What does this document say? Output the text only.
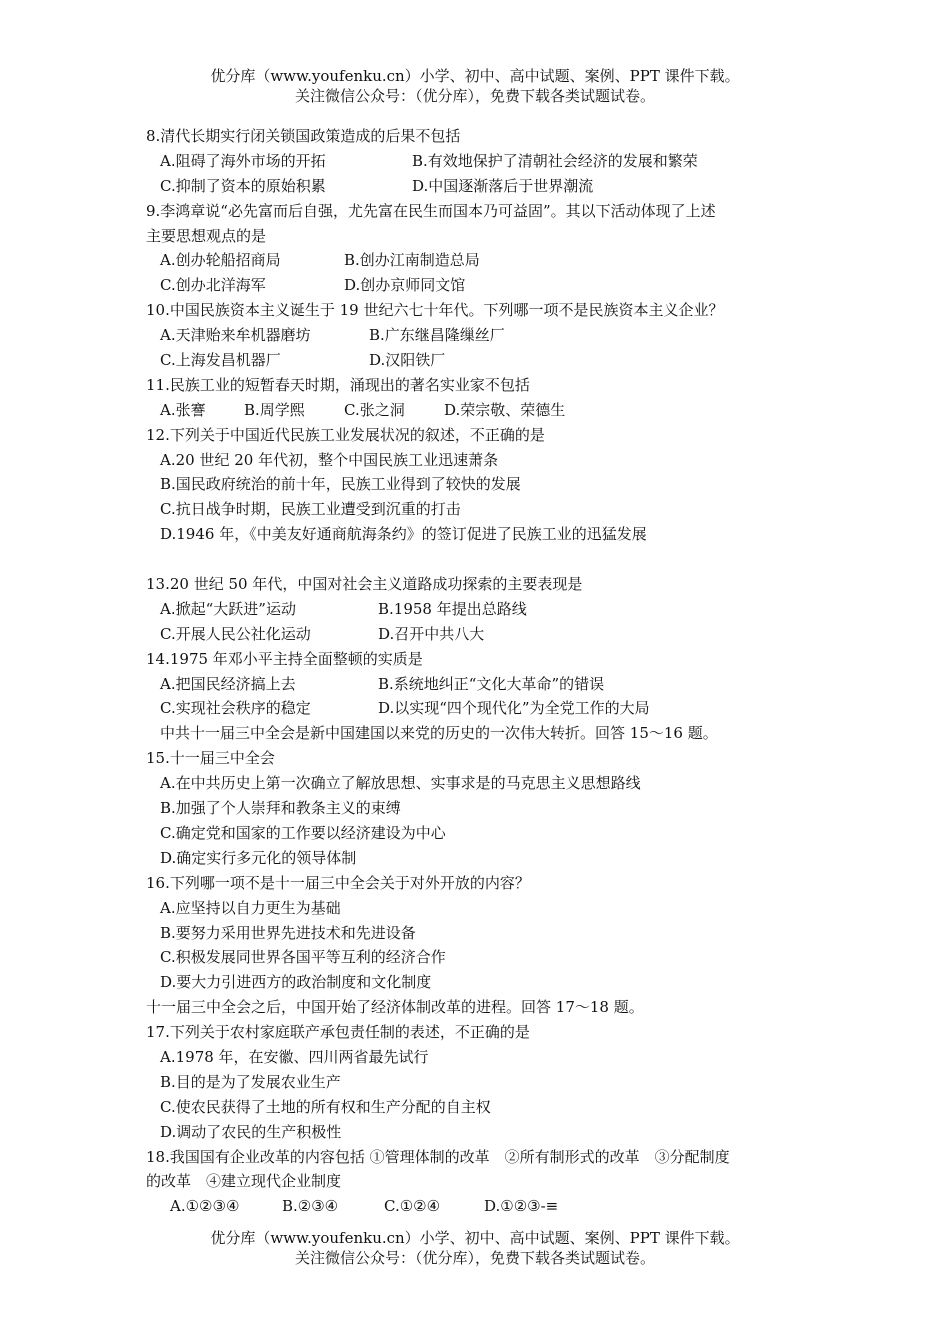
优分库（www.youfenku.cn）小学、初中、高中试题、案例、PPT 课件下载。
关注微信公众号：（优分库），免费下载各类试题试卷。
8.清代长期实行闭关锁国政策造成的后果不包括
A.阻碍了海外市场的开拓	B.有效地保护了清朝社会经济的发展和繁荣
C.抑制了资本的原始积累	D.中国逐渐落后于世界潮流
9.李鸿章说“必先富而后自强，尤先富在民生而国本乃可益固”。其以下活动体现了上述
主要思想观点的是
A.创办轮船招商局	B.创办江南制造总局
C.创办北洋海军	D.创办京师同文馆
10.中国民族资本主义诞生于 19 世纪六七十年代。下列哪一项不是民族资本主义企业？
A.天津贻来牟机器磨坊	B.广东继昌隆缫丝厂
C.上海发昌机器厂	D.汉阳铁厂
11.民族工业的短暂春天时期，涌现出的著名实业家不包括
A.张謇	B.周学熙	C.张之洞	D.荣宗敬、荣德生
12.下列关于中国近代民族工业发展状况的叙述，不正确的是
A.20 世纪 20 年代初，整个中国民族工业迅速萧条
B.国民政府统治的前十年，民族工业得到了较快的发展
C.抗日战争时期，民族工业遭受到沉重的打击
D.1946 年，《中美友好通商航海条约》的签订促进了民族工业的迅猛发展
13.20 世纪 50 年代，中国对社会主义道路成功探索的主要表现是
A.掀起“大跃进”运动	B.1958 年提出总路线
C.开展人民公社化运动	D.召开中共八大
14.1975 年邓小平主持全面整顿的实质是
A.把国民经济搞上去	B.系统地纠正“文化大革命”的错误
C.实现社会秩序的稳定	D.以实现“四个现代化”为全党工作的大局
中共十一届三中全会是新中国建国以来党的历史的一次伟大转折。回答 15～16 题。
15.十一届三中全会
A.在中共历史上第一次确立了解放思想、实事求是的马克思主义思想路线
B.加强了个人崇拜和教条主义的束缚
C.确定党和国家的工作要以经济建设为中心
D.确定实行多元化的领导体制
16.下列哪一项不是十一届三中全会关于对外开放的内容？
A.应坚持以自力更生为基础
B.要努力采用世界先进技术和先进设备
C.积极发展同世界各国平等互利的经济合作
D.要大力引进西方的政治制度和文化制度
十一届三中全会之后，中国开始了经济体制改革的进程。回答 17～18 题。
17.下列关于农村家庭联产承包责任制的表述，不正确的是
A.1978 年，在安徽、四川两省最先试行
B.目的是为了发展农业生产
C.使农民获得了土地的所有权和生产分配的自主权
D.调动了农民的生产积极性
18.我国国有企业改革的内容包括 ①管理体制的改革　②所有制形式的改革　③分配制度
的改革　④建立现代企业制度
A.①②③④	B.②③④	C.①②④	D.①②③-≡
优分库（www.youfenku.cn）小学、初中、高中试题、案例、PPT 课件下载。
关注微信公众号：（优分库），免费下载各类试题试卷。
